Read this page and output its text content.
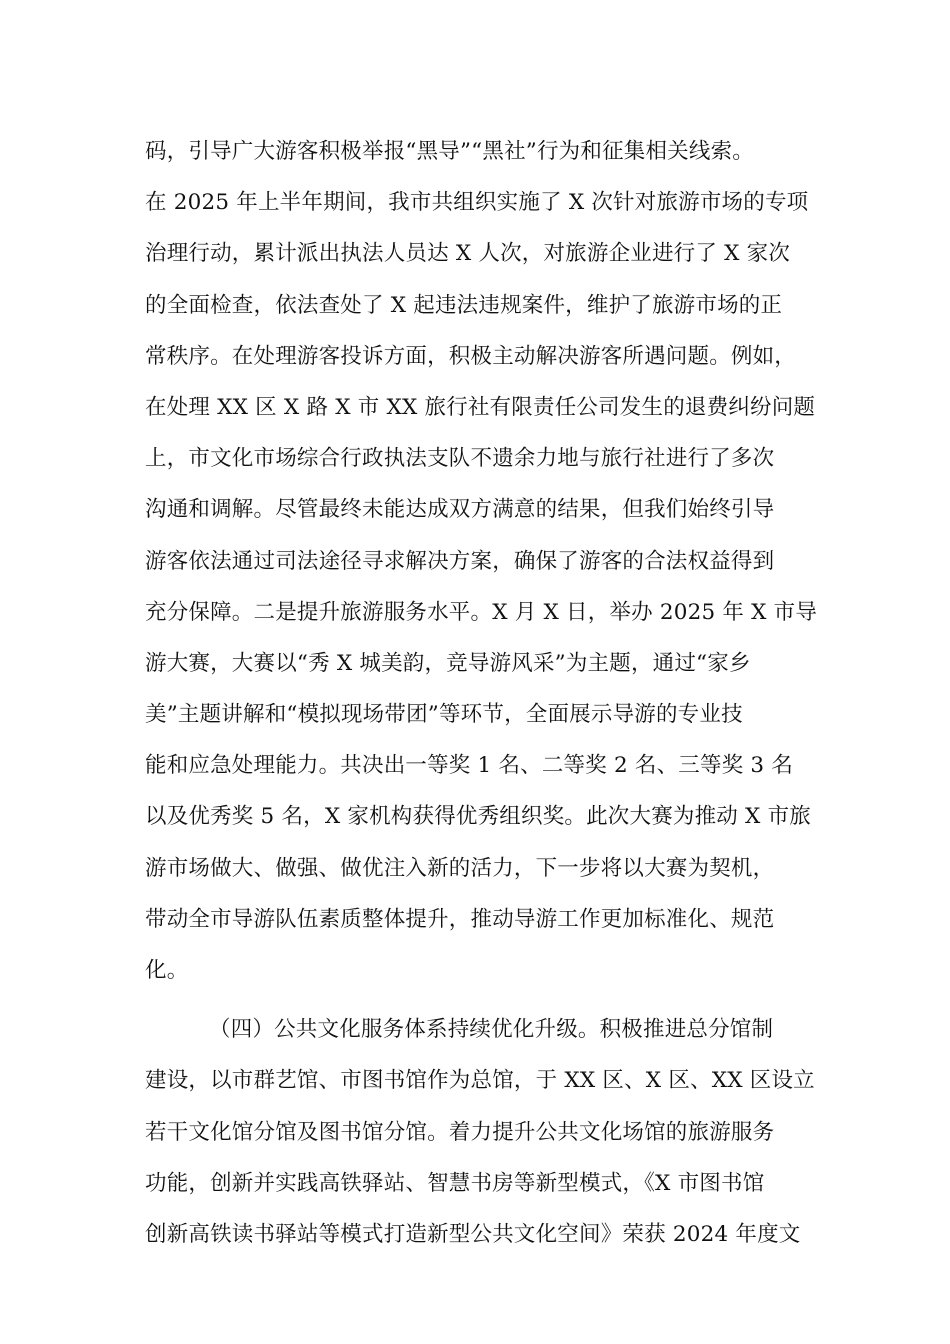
码，引导广大游客积极举报“黑导”“黑社”行为和征集相关线索。
在 2025 年上半年期间，我市共组织实施了 X 次针对旅游市场的专项
治理行动，累计派出执法人员达 X 人次，对旅游企业进行了 X 家次
的全面检查，依法查处了 X 起违法违规案件，维护了旅游市场的正
常秩序。在处理游客投诉方面，积极主动解决游客所遇问题。例如，
在处理 XX 区 X 路 X 市 XX 旅行社有限责任公司发生的退费纠纷问题
上，市文化市场综合行政执法支队不遗余力地与旅行社进行了多次
沟通和调解。尽管最终未能达成双方满意的结果，但我们始终引导
游客依法通过司法途径寻求解决方案，确保了游客的合法权益得到
充分保障。二是提升旅游服务水平。X 月 X 日，举办 2025 年 X 市导
游大赛，大赛以“秀 X 城美韵，竞导游风采”为主题，通过“家乡
美”主题讲解和“模拟现场带团”等环节，全面展示导游的专业技
能和应急处理能力。共决出一等奖 1 名、二等奖 2 名、三等奖 3 名
以及优秀奖 5 名，X 家机构获得优秀组织奖。此次大赛为推动 X 市旅
游市场做大、做强、做优注入新的活力，下一步将以大赛为契机，
带动全市导游队伍素质整体提升，推动导游工作更加标准化、规范
化。
（四）公共文化服务体系持续优化升级。积极推进总分馆制
建设，以市群艺馆、市图书馆作为总馆，于 XX 区、X 区、XX 区设立
若干文化馆分馆及图书馆分馆。着力提升公共文化场馆的旅游服务
功能，创新并实践高铁驿站、智慧书房等新型模式，《X 市图书馆
创新高铁读书驿站等模式打造新型公共文化空间》荣获 2024 年度文
